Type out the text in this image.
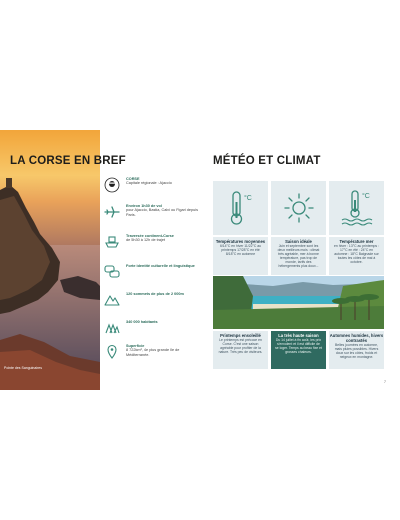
Pointe des Sanguinaires
LA CORSE EN BREF
CORSE
Capitale régionale : Ajaccio
Environ 1h30 de vol
pour Ajaccio, Bastia, Calvi ou Figari depuis Paris.
Traversée continent-Corse
de 5h30 à 12h de trajet
Forte identité culturelle et linguistique
120 sommets de plus de 2 000m
340 000 habitants
Superficie
8 722km², 4e plus grande île de Méditerranée.
MÉTÉO ET CLIMAT
°C	°C
Températures moyennes
6/14°C en hiver 11/22°C au printemps 17/28°C en été 8/18°C en automne
Saison idéale
Juin et septembre sont les deux meilleurs mois : climat très agréable, mer à bonne température, pas trop de monde, tarifs des hébergements plus doux...
Température mer
en hiver : 13°C au printemps : 17°C en été : 24°C en automne : 18°C Baignade sur toutes les côtes de mai à octobre.
Printemps ensoleillé
Le printemps est précoce en Corse. C'est une saison agréable pour profiter de la nature. Très peu de visiteurs.
La très haute saison
Du 14 juillet à fin août, les prix s'envolent et il est difficile de se loger. Temps au beau fixe et grosses chaleurs.
Automnes humides, hivers contrastés
Belles journées en automne, mais pluies possibles. Hivers doux sur les côtes, froids et neigeux en montagne.
7
